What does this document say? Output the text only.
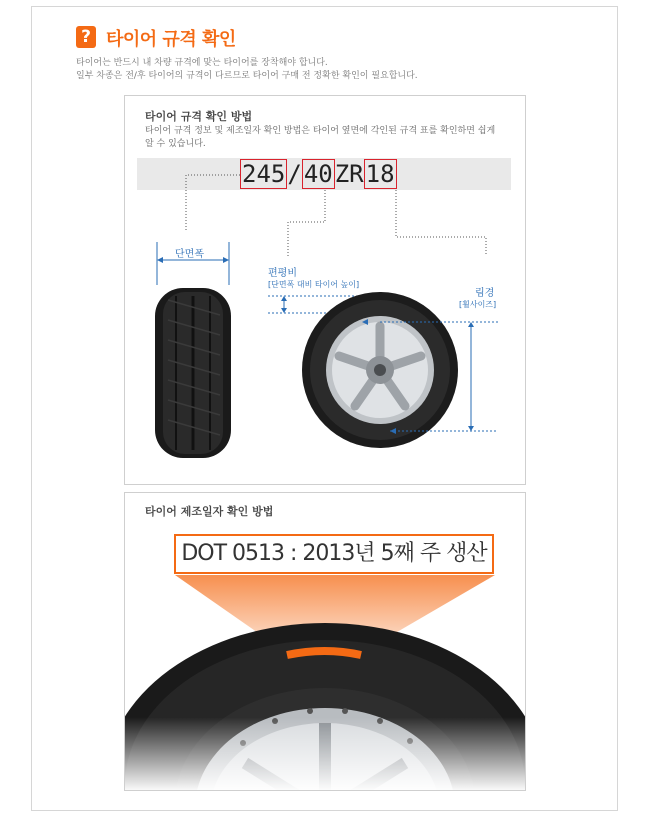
? 타이어 규격 확인
타이어는 반드시 내 차량 규격에 맞는 타이어를 장착해야 합니다.
일부 차종은 전/후 타이어의 규격이 다르므로 타이어 구매 전 정확한 확인이 필요합니다.
타이어 규격 확인 방법
타이어 규격 정보 및 제조일자 확인 방법은 타이어 옆면에 각인된 규격 표를 확인하면 쉽게
알 수 있습니다.
245/40ZR18
단면폭
편평비
[단면폭 대비 타이어 높이]
림경
[휠사이즈]
타이어 제조일자 확인 방법
DOT 0513 : 2013년 5째 주 생산
